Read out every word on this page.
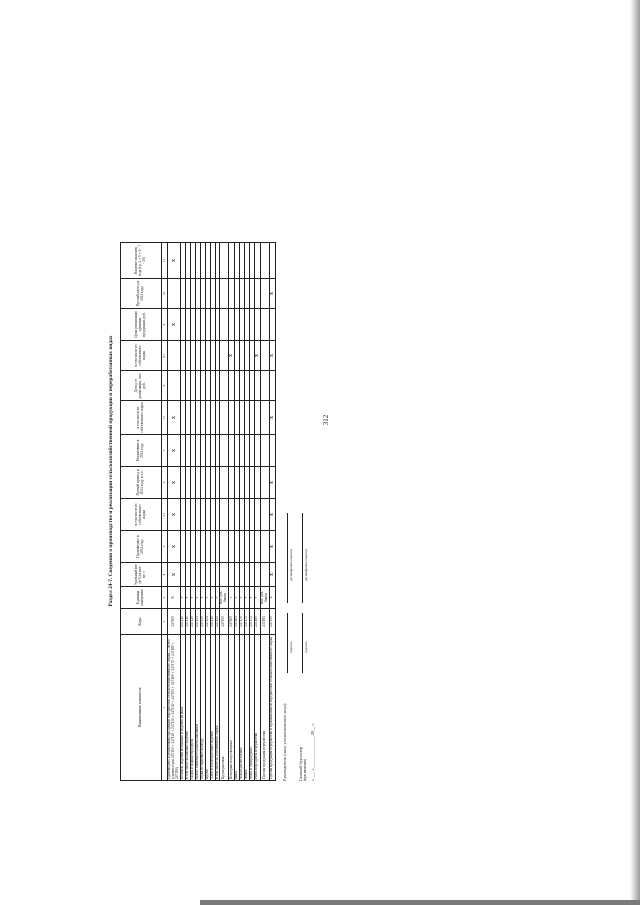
312
Раздел 24-7. Сведения о производстве и реализации сельскохозяйственной продукции и переработанных видах
Наименование показателя	Коды	Единица измерения	Удельный вес (в %) в кол-ве, т	Произведено в 2024 году	в том числе из собственного сырья	Прочий приход в 2024 году, в т.ч.	Реализовано в 2024 году	в том числе из собственного сырья	Доход от реализации, тыс. руб.	в том числе из собственного сырья	Цена реализации единицы продукции, руб.	Прочий расход в 2024 году	Наличие на конец года (гр. 4 + 5 + 6 - 7 - 10)
1	2	3	4	5	5.1	6	7	7.1	8	8.1	9	10	11
Произведено и реализовано продукции переработки сельскохозяйственного сырья — всего (сумма строк 247110 + 247120 + 247130 + 247140 + 247150 + 247160 + 247170 + 247180 + 247190)	247100	X	X	X	X	X	X	X			X		X
Колбасы, изделия колбасные и изделия из мяса	247110	т											
в том числе колбасные изделия	247111	т											
Сыры и сырные продукты	247120	т											
Масло сливочное и пасты масляные	247121	т											
Мука из зерновых культур	247130	т											
Крупа	247131	т											
Хлеб и хлебобулочные изделия	247140	т											
в том числе из собственного сырья	247141	т											
Крупа рисовая	247150	тыс. усл. банок											
Консервы плодоовощные	247160	т								X			
Вина	247161	т											
Масла растительные	247170	т											
Жмых	247171	т											
Мясо и субпродукты	247172	т											
Рыба и продукты переработки	247180	т								X			
Прочая продукция переработки	247181	тыс. усл. банок											
Прочая продукция переработки и промышленной переработки сельскохозяйственного сырья	247190	X	X	X	X	X		X		X		X	
Руководитель (лицо уполномоченное лицо)
подпись
расшифровка подписи
Главный бухгалтер (при наличии)
подпись
расшифровка подписи
« ___ » _______________ 20__ г.
